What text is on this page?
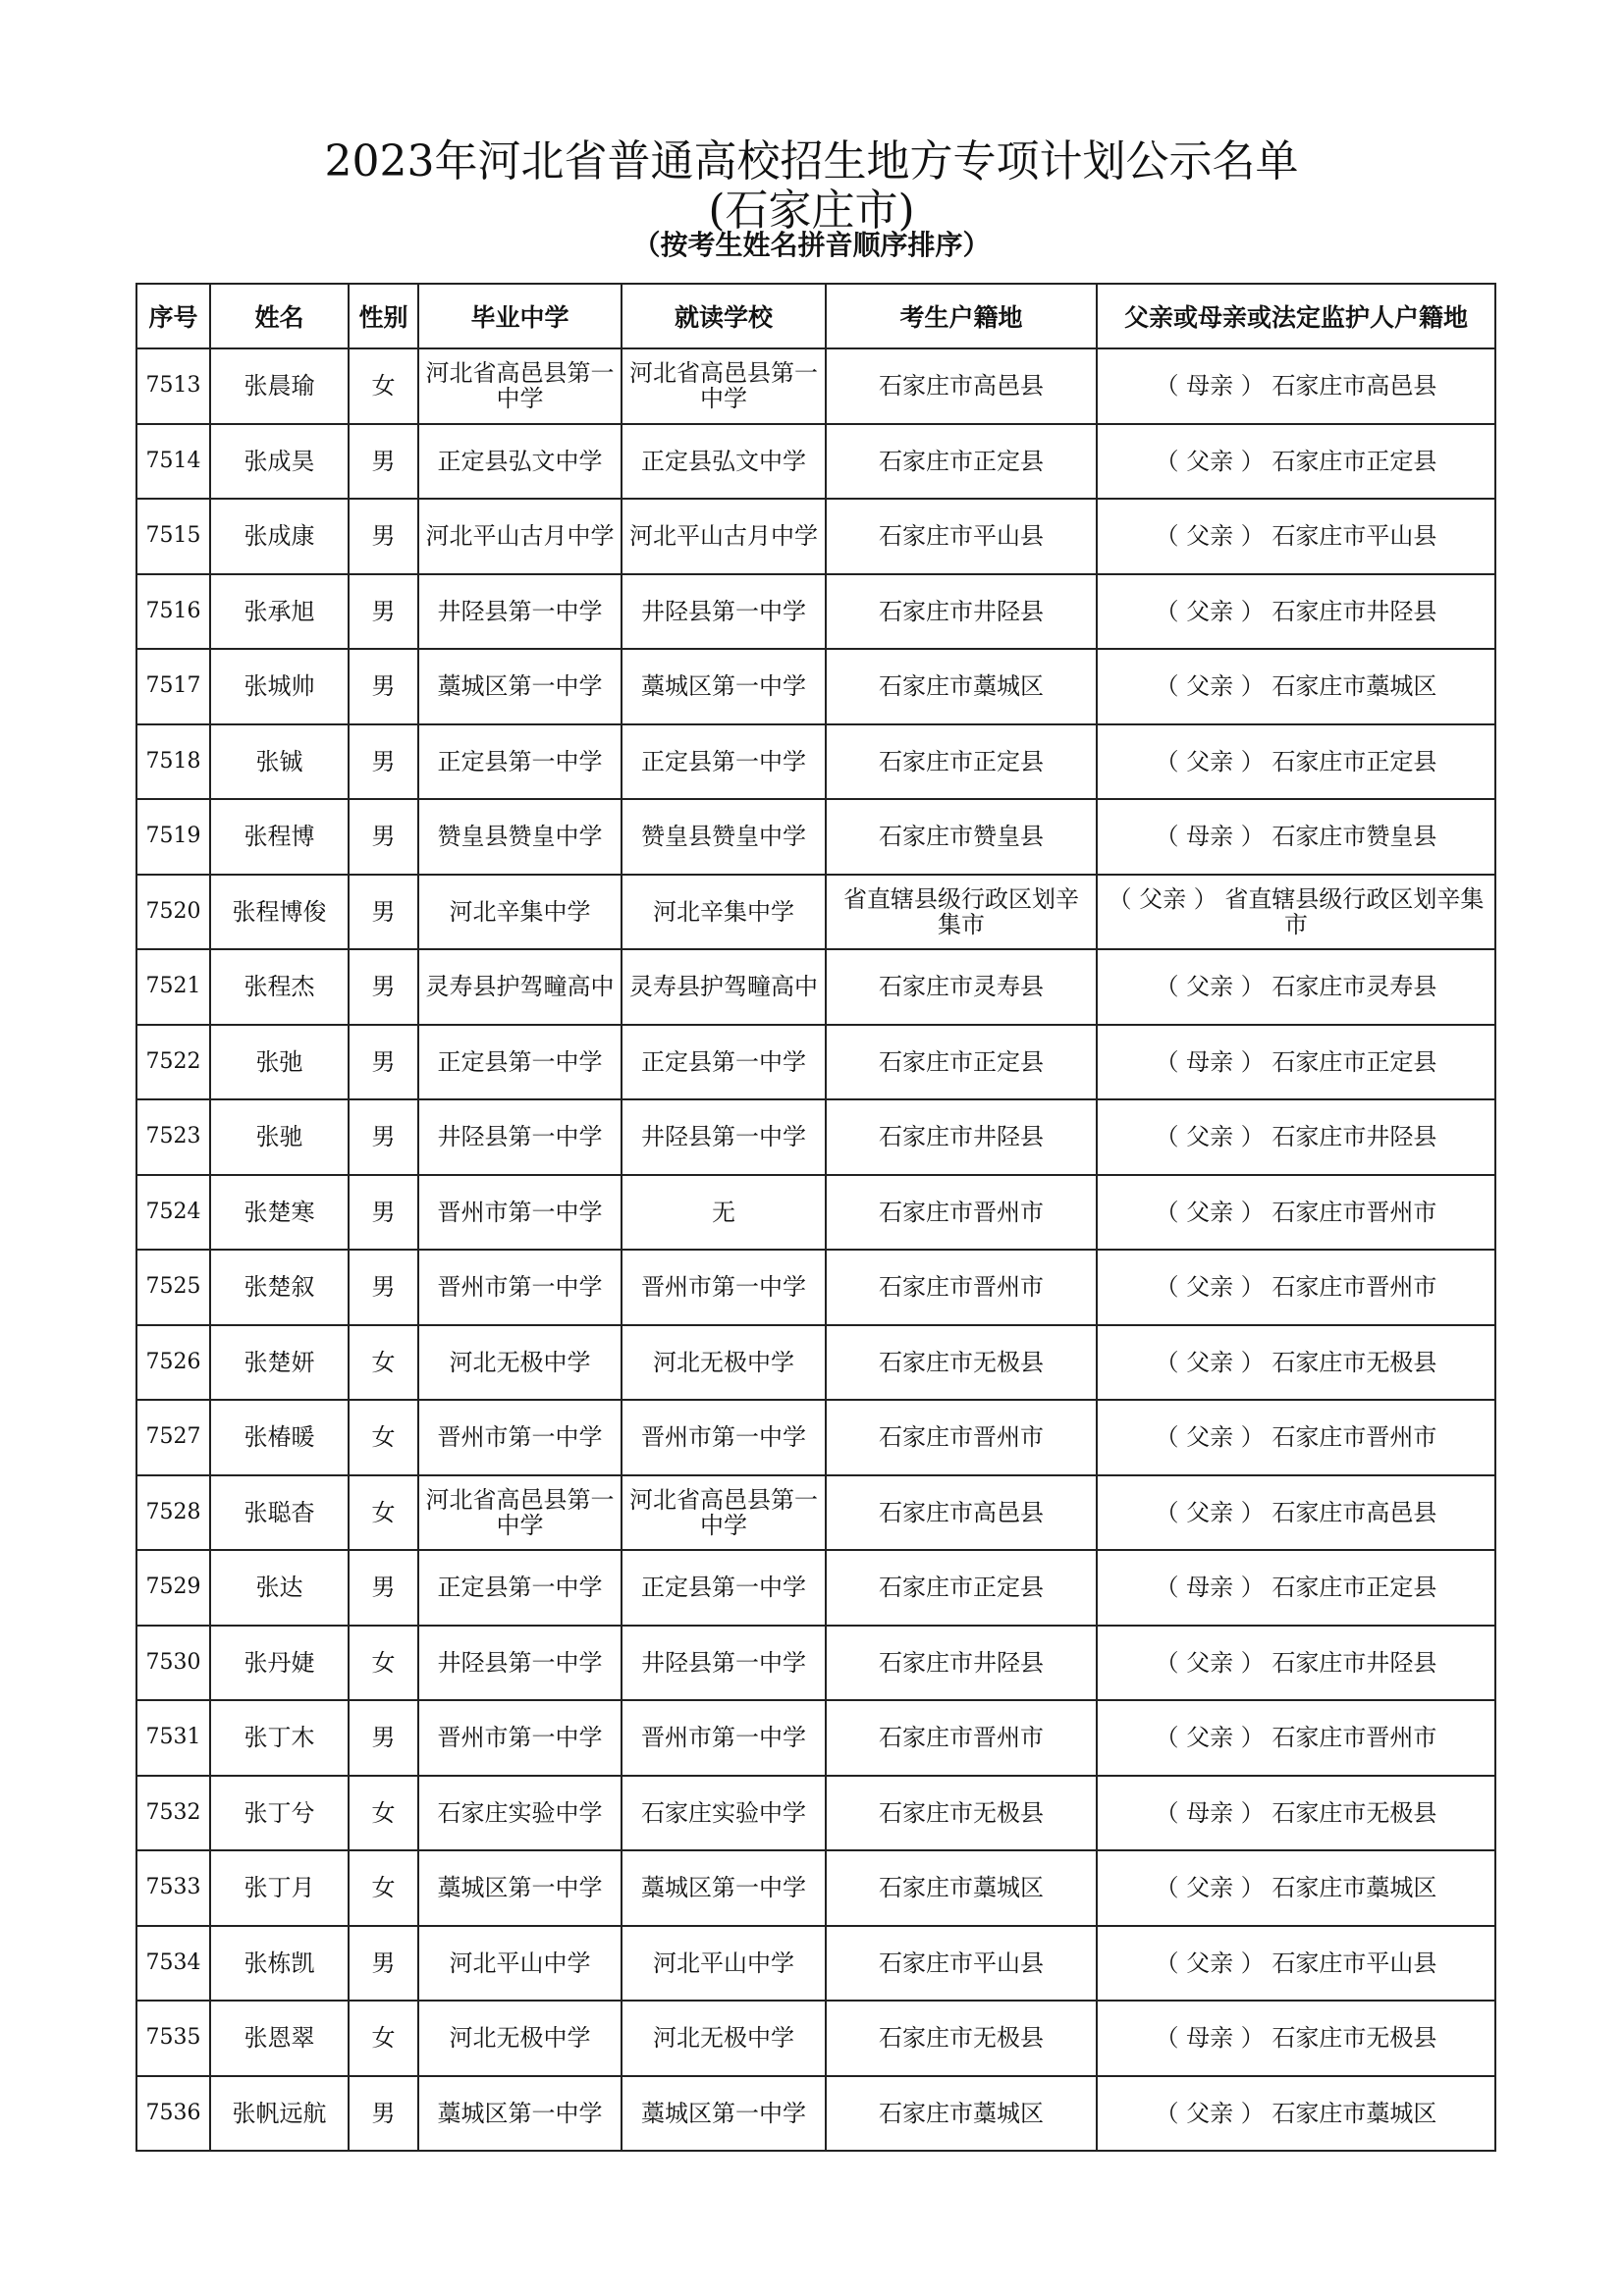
2023年河北省普通高校招生地方专项计划公示名单
(石家庄市)
（按考生姓名拼音顺序排序）
序号	姓名	性别	毕业中学	就读学校	考生户籍地	父亲或母亲或法定监护人户籍地
7513	张晨瑜	女	河北省高邑县第一中学	河北省高邑县第一中学	石家庄市高邑县	（ 母亲 ） 石家庄市高邑县
7514	张成昊	男	正定县弘文中学	正定县弘文中学	石家庄市正定县	（ 父亲 ） 石家庄市正定县
7515	张成康	男	河北平山古月中学	河北平山古月中学	石家庄市平山县	（ 父亲 ） 石家庄市平山县
7516	张承旭	男	井陉县第一中学	井陉县第一中学	石家庄市井陉县	（ 父亲 ） 石家庄市井陉县
7517	张城帅	男	藁城区第一中学	藁城区第一中学	石家庄市藁城区	（ 父亲 ） 石家庄市藁城区
7518	张铖	男	正定县第一中学	正定县第一中学	石家庄市正定县	（ 父亲 ） 石家庄市正定县
7519	张程博	男	赞皇县赞皇中学	赞皇县赞皇中学	石家庄市赞皇县	（ 母亲 ） 石家庄市赞皇县
7520	张程博俊	男	河北辛集中学	河北辛集中学	省直辖县级行政区划辛集市	（ 父亲 ） 省直辖县级行政区划辛集市
7521	张程杰	男	灵寿县护驾疃高中	灵寿县护驾疃高中	石家庄市灵寿县	（ 父亲 ） 石家庄市灵寿县
7522	张弛	男	正定县第一中学	正定县第一中学	石家庄市正定县	（ 母亲 ） 石家庄市正定县
7523	张驰	男	井陉县第一中学	井陉县第一中学	石家庄市井陉县	（ 父亲 ） 石家庄市井陉县
7524	张楚寒	男	晋州市第一中学	无	石家庄市晋州市	（ 父亲 ） 石家庄市晋州市
7525	张楚叙	男	晋州市第一中学	晋州市第一中学	石家庄市晋州市	（ 父亲 ） 石家庄市晋州市
7526	张楚妍	女	河北无极中学	河北无极中学	石家庄市无极县	（ 父亲 ） 石家庄市无极县
7527	张椿暖	女	晋州市第一中学	晋州市第一中学	石家庄市晋州市	（ 父亲 ） 石家庄市晋州市
7528	张聪杳	女	河北省高邑县第一中学	河北省高邑县第一中学	石家庄市高邑县	（ 父亲 ） 石家庄市高邑县
7529	张达	男	正定县第一中学	正定县第一中学	石家庄市正定县	（ 母亲 ） 石家庄市正定县
7530	张丹婕	女	井陉县第一中学	井陉县第一中学	石家庄市井陉县	（ 父亲 ） 石家庄市井陉县
7531	张丁木	男	晋州市第一中学	晋州市第一中学	石家庄市晋州市	（ 父亲 ） 石家庄市晋州市
7532	张丁兮	女	石家庄实验中学	石家庄实验中学	石家庄市无极县	（ 母亲 ） 石家庄市无极县
7533	张丁月	女	藁城区第一中学	藁城区第一中学	石家庄市藁城区	（ 父亲 ） 石家庄市藁城区
7534	张栋凯	男	河北平山中学	河北平山中学	石家庄市平山县	（ 父亲 ） 石家庄市平山县
7535	张恩翠	女	河北无极中学	河北无极中学	石家庄市无极县	（ 母亲 ） 石家庄市无极县
7536	张帆远航	男	藁城区第一中学	藁城区第一中学	石家庄市藁城区	（ 父亲 ） 石家庄市藁城区
